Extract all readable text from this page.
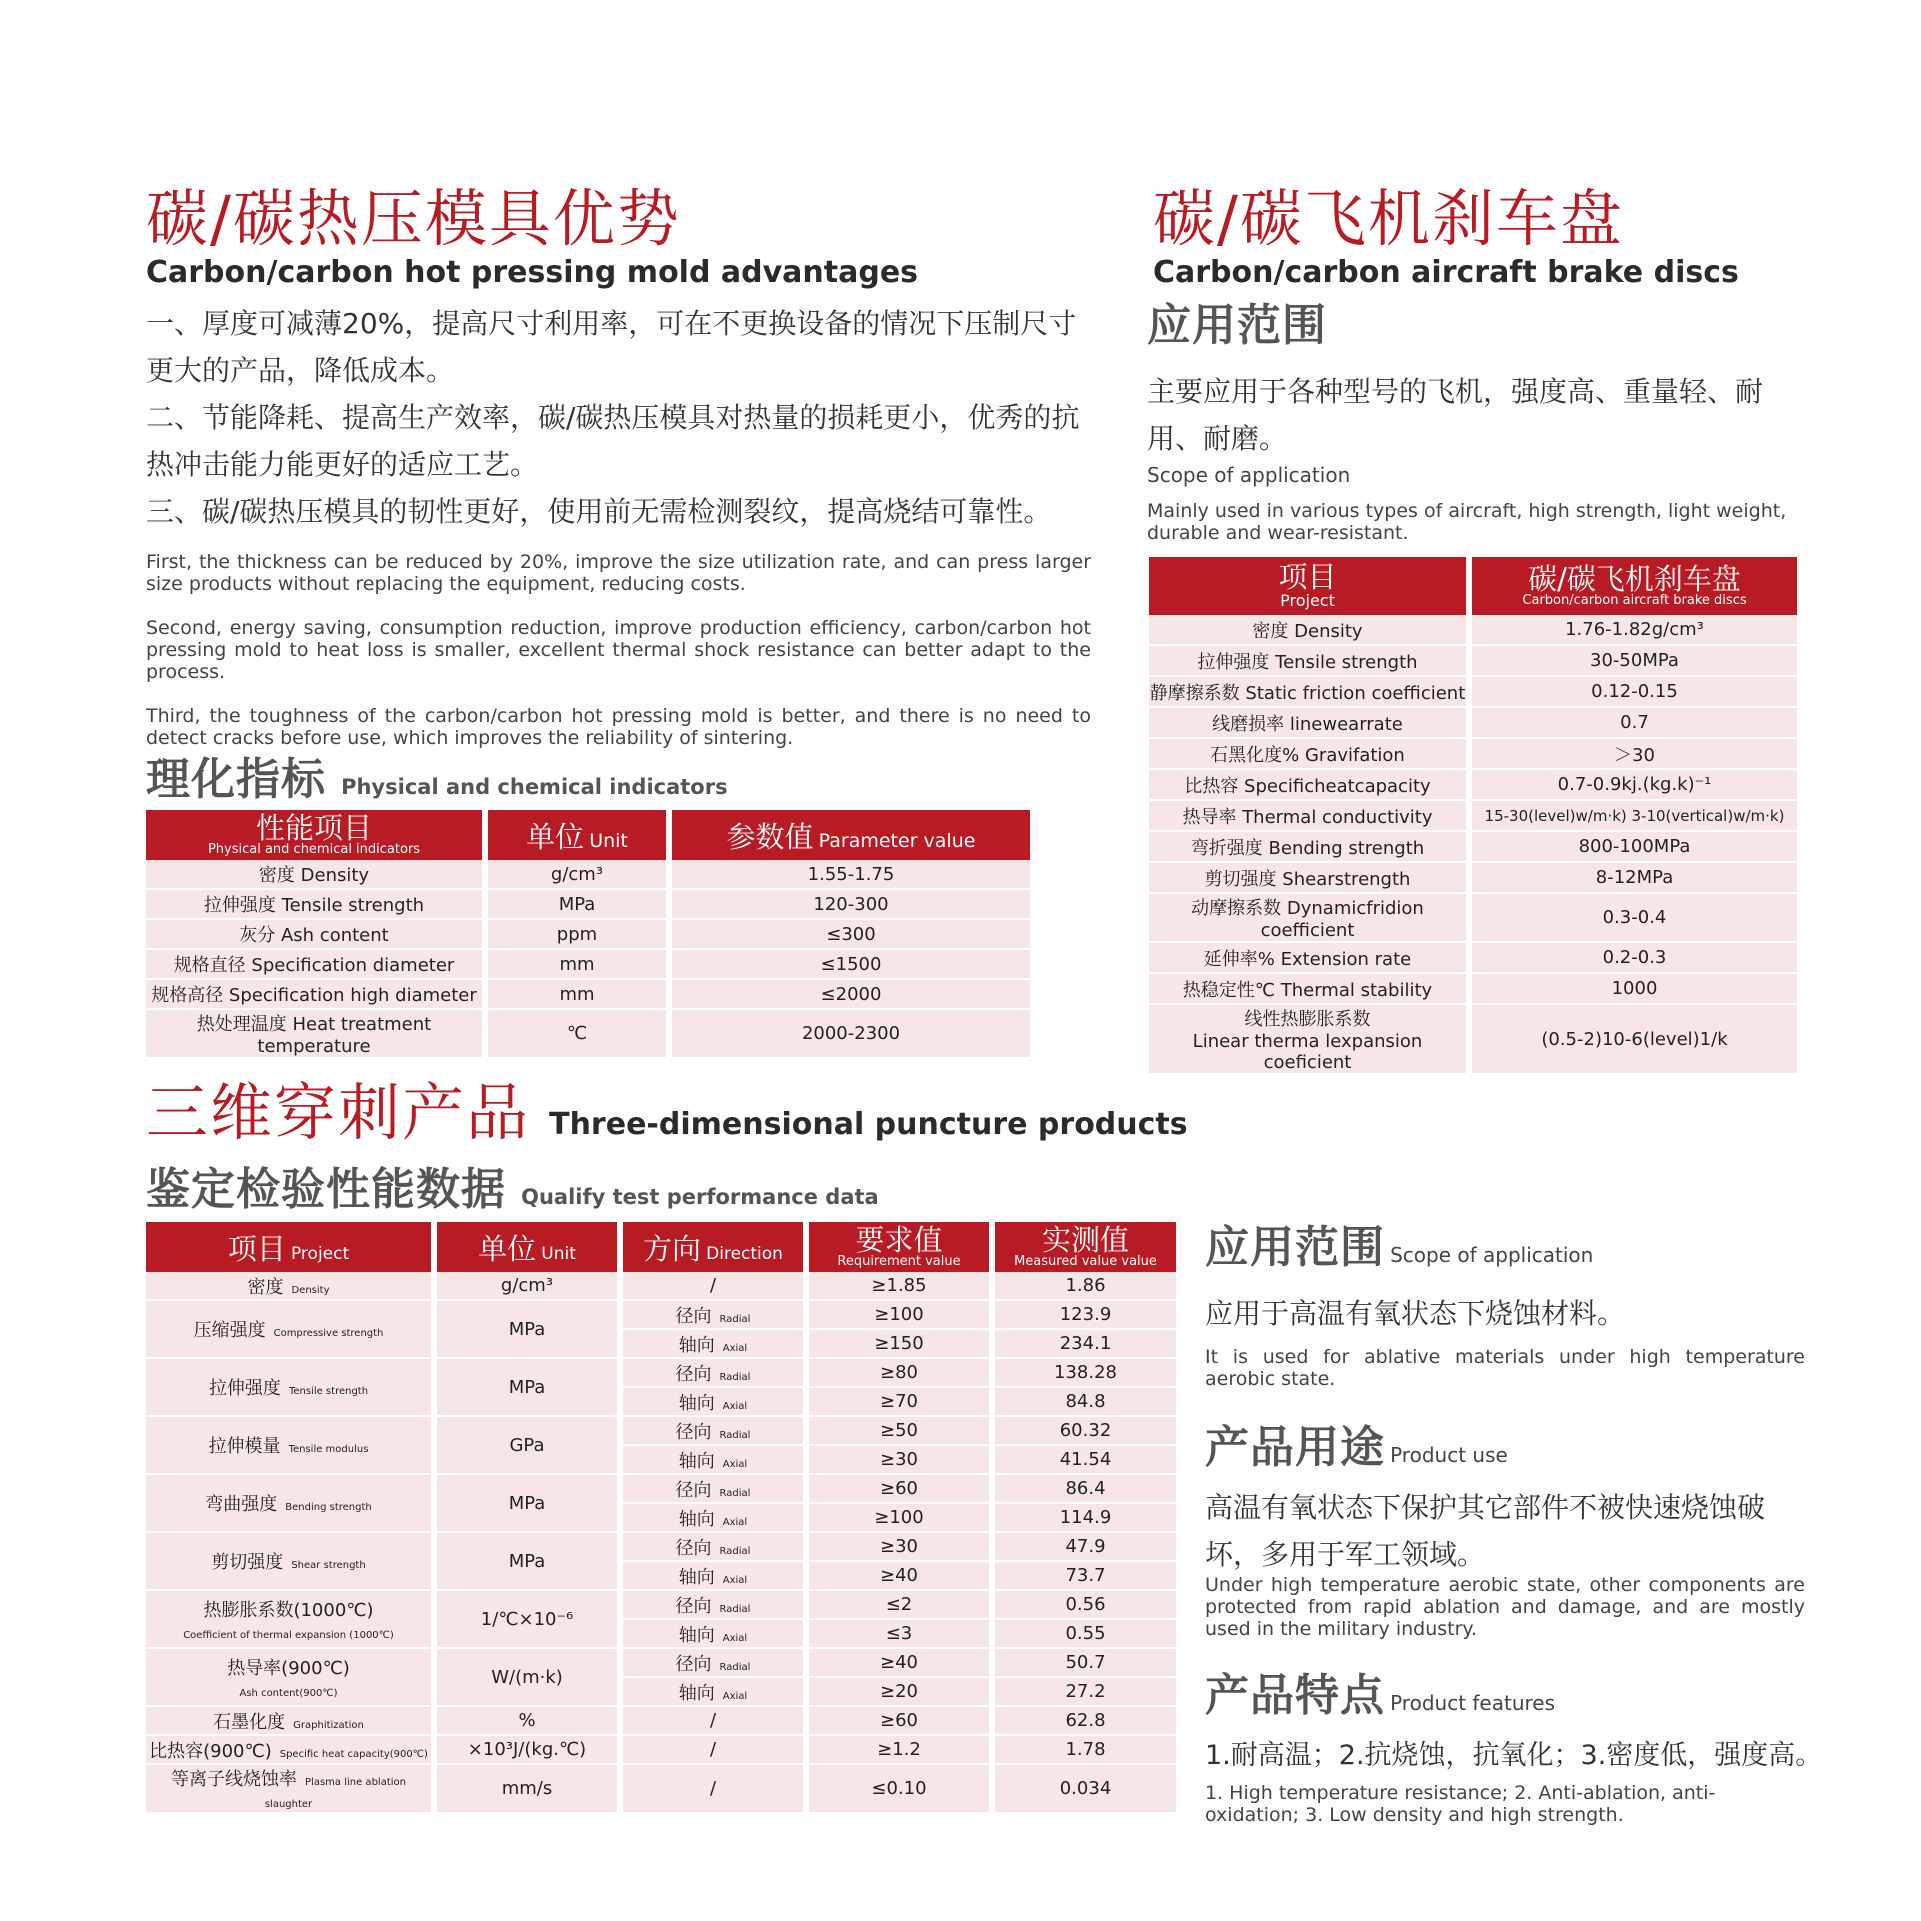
碳/碳热压模具优势
Carbon/carbon hot pressing mold advantages
一、厚度可减薄20%，提高尺寸利用率，可在不更换设备的情况下压制尺寸更大的产品，降低成本。
二、节能降耗、提高生产效率，碳/碳热压模具对热量的损耗更小，优秀的抗热冲击能力能更好的适应工艺。
三、碳/碳热压模具的韧性更好，使用前无需检测裂纹，提高烧结可靠性。
First, the thickness can be reduced by 20%, improve the size utilization rate, and can press larger size products without replacing the equipment, reducing costs.
Second, energy saving, consumption reduction, improve production efficiency, carbon/carbon hot pressing mold to heat loss is smaller, excellent thermal shock resistance can better adapt to the process.
Third, the toughness of the carbon/carbon hot pressing mold is better, and there is no need to detect cracks before use, which improves the reliability of sintering.
理化指标 Physical and chemical indicators
性能项目
Physical and chemical indicators	单位 Unit	参数值 Parameter value
密度 Density	g/cm³	1.55-1.75
拉伸强度 Tensile strength	MPa	120-300
灰分 Ash content	ppm	≤300
规格直径 Specification diameter	mm	≤1500
规格高径 Specification high diameter	mm	≤2000
热处理温度 Heat treatment temperature	℃	2000-2300
碳/碳飞机刹车盘
Carbon/carbon aircraft brake discs
应用范围
主要应用于各种型号的飞机，强度高、重量轻、耐用、耐磨。
Scope of application
Mainly used in various types of aircraft, high strength, light weight, durable and wear-resistant.
项目
Project	碳/碳飞机刹车盘
Carbon/carbon aircraft brake discs

密度 Density	1.76-1.82g/cm³
拉伸强度 Tensile strength	30-50MPa
静摩擦系数 Static friction coefficient	0.12-0.15
线磨损率 linewearrate	0.7
石黑化度% Gravifation	＞30
比热容 Specificheatcapacity	0.7-0.9kj.(kg.k)⁻¹
热导率 Thermal conductivity	15-30(level)w/m·k) 3-10(vertical)w/m·k)
弯折强度 Bending strength	800-100MPa
剪切强度 Shearstrength	8-12MPa
动摩擦系数 Dynamicfridion coefficient	0.3-0.4
延伸率% Extension rate	0.2-0.3
热稳定性℃ Thermal stability	1000

线性热膨胀系数
Linear therma lexpansion coeficient	(0.5-2)10-6(level)1/k
三维穿刺产品 Three-dimensional puncture products
鉴定检验性能数据 Qualify test performance data
项目 Project	单位 Unit	方向 Direction	要求值
Requirement value	实测值
Measured value value

密度 Density	g/cm³	/	≥1.85	1.86
压缩强度 Compressive strength	MPa	径向 Radial	≥100	123.9
		轴向 Axial	≥150	234.1
拉伸强度 Tensile strength	MPa	径向 Radial	≥80	138.28
		轴向 Axial	≥70	84.8
拉伸模量 Tensile modulus	GPa	径向 Radial	≥50	60.32
		轴向 Axial	≥30	41.54
弯曲强度 Bending strength	MPa	径向 Radial	≥60	86.4
		轴向 Axial	≥100	114.9
剪切强度 Shear strength	MPa	径向 Radial	≥30	47.9
		轴向 Axial	≥40	73.7
热膨胀系数(1000℃)
Coefficient of thermal expansion (1000℃)	1/℃×10⁻⁶	径向 Radial	≤2	0.56
		轴向 Axial	≤3	0.55
热导率(900℃)
Ash content(900℃)	W/(m·k)	径向 Radial	≥40	50.7
		轴向 Axial	≥20	27.2
石墨化度 Graphitization	%	/	≥60	62.8
比热容(900℃) Specific heat capacity(900℃)	×10³J/(kg.℃)	/	≥1.2	1.78
等离子线烧蚀率 Plasma line ablation slaughter	mm/s	/	≤0.10	0.034
应用范围 Scope of application
应用于高温有氧状态下烧蚀材料。
It is used for ablative materials under high temperature aerobic state.
产品用途 Product use
高温有氧状态下保护其它部件不被快速烧蚀破坏，多用于军工领域。
Under high temperature aerobic state, other components are protected from rapid ablation and damage, and are mostly used in the military industry.
产品特点 Product features
1.耐高温；2.抗烧蚀，抗氧化；3.密度低，强度高。
1. High temperature resistance; 2. Anti-ablation, anti-oxidation; 3. Low density and high strength.
